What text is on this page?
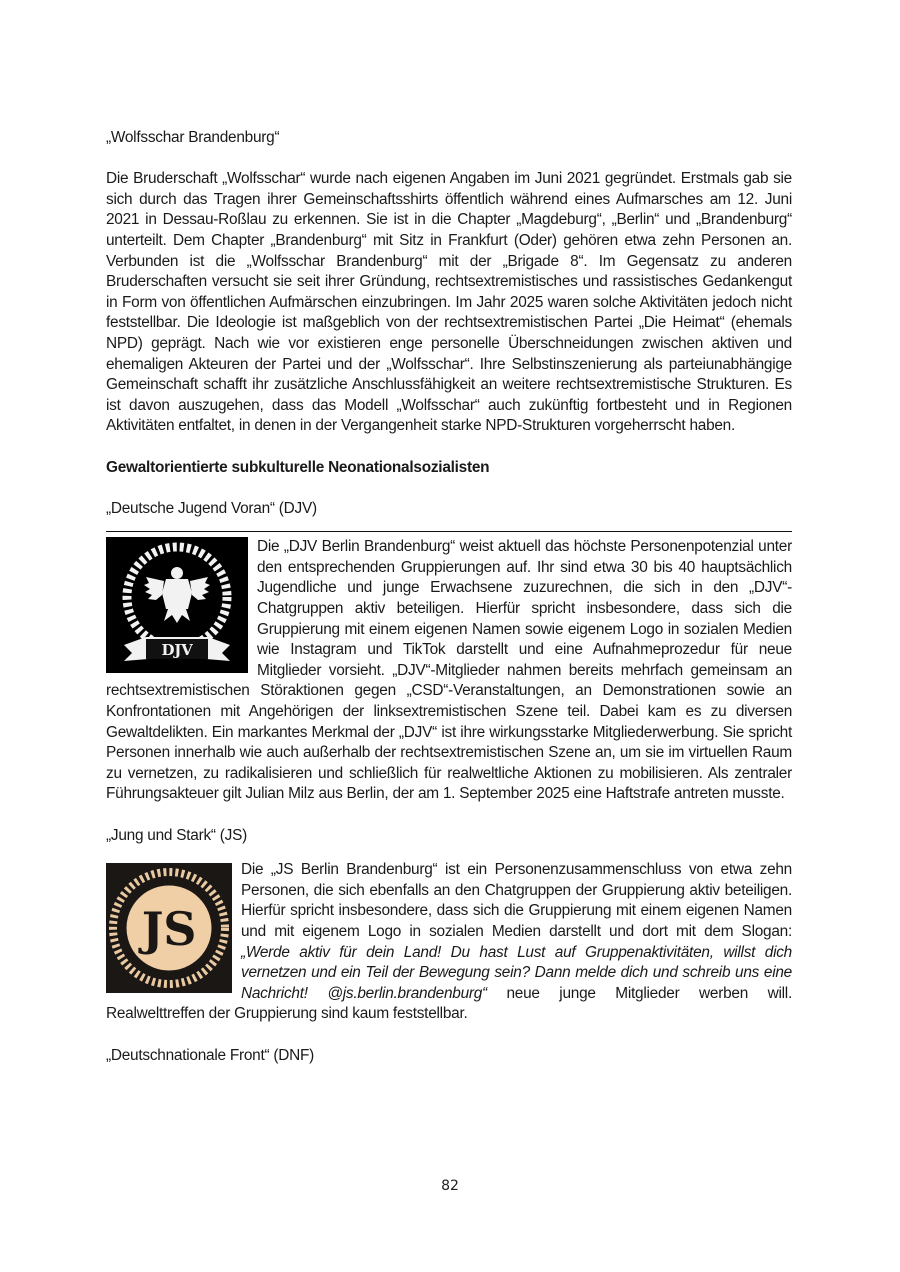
„Wolfsschar Brandenburg“

Die Bruderschaft „Wolfsschar“ wurde nach eigenen Angaben im Juni 2021 gegründet. Erstmals gab sie sich durch das Tragen ihrer Gemeinschaftsshirts öffentlich während eines Aufmarsches am 12. Juni 2021 in Dessau-Roßlau zu erkennen. Sie ist in die Chapter „Magdeburg“, „Berlin“ und „Brandenburg“ unterteilt. Dem Chapter „Brandenburg“ mit Sitz in Frankfurt (Oder) gehören etwa zehn Personen an. Verbunden ist die „Wolfsschar Brandenburg“ mit der „Brigade 8“. Im Gegensatz zu anderen Bruderschaften versucht sie seit ihrer Gründung, rechtsextremistisches und rassistisches Gedankengut in Form von öffentlichen Aufmärschen einzubringen. Im Jahr 2025 waren solche Aktivitäten jedoch nicht feststellbar. Die Ideologie ist maßgeblich von der rechtsextremistischen Partei „Die Heimat“ (ehemals NPD) geprägt. Nach wie vor existieren enge personelle Überschneidungen zwischen aktiven und ehemaligen Akteuren der Partei und der „Wolfsschar“. Ihre Selbstinszenierung als parteiunabhängige Gemeinschaft schafft ihr zusätzliche Anschlussfähigkeit an weitere rechtsextremistische Strukturen. Es ist davon auszugehen, dass das Modell „Wolfsschar“ auch zukünftig fortbesteht und in Regionen Aktivitäten entfaltet, in denen in der Vergangenheit starke NPD-Strukturen vorgeherrscht haben.

Gewaltorientierte subkulturelle Neonationalsozialisten

„Deutsche Jugend Voran“ (DJV)

DJV

Die „DJV Berlin Brandenburg“ weist aktuell das höchste Personenpotenzial unter den entsprechenden Gruppierungen auf. Ihr sind etwa 30 bis 40 hauptsächlich Jugendliche und junge Erwachsene zuzurechnen, die sich in den „DJV“-Chatgruppen aktiv beteiligen. Hierfür spricht insbesondere, dass sich die Gruppierung mit einem eigenen Namen sowie eigenem Logo in sozialen Medien wie Instagram und TikTok darstellt und eine Aufnahmeprozedur für neue Mitglieder vorsieht. „DJV“-Mitglieder nahmen bereits mehrfach gemeinsam an rechtsextremistischen Störaktionen gegen „CSD“-Veranstaltungen, an Demonstrationen sowie an Konfrontationen mit Angehörigen der linksextremistischen Szene teil. Dabei kam es zu diversen Gewaltdelikten. Ein markantes Merkmal der „DJV“ ist ihre wirkungsstarke Mitgliederwerbung. Sie spricht Personen innerhalb wie auch außerhalb der rechtsextremistischen Szene an, um sie im virtuellen Raum zu vernetzen, zu radikalisieren und schließlich für realweltliche Aktionen zu mobilisieren. Als zentraler Führungsakteuer gilt Julian Milz aus Berlin, der am 1. September 2025 eine Haftstrafe antreten musste.

„Jung und Stark“ (JS)

JS

Die „JS Berlin Brandenburg“ ist ein Personenzusammenschluss von etwa zehn Personen, die sich ebenfalls an den Chatgruppen der Gruppierung aktiv beteiligen. Hierfür spricht insbesondere, dass sich die Gruppierung mit einem eigenen Namen und mit eigenem Logo in sozialen Medien darstellt und dort mit dem Slogan: „Werde aktiv für dein Land! Du hast Lust auf Gruppenaktivitäten, willst dich vernetzen und ein Teil der Bewegung sein? Dann melde dich und schreib uns eine Nachricht! @js.berlin.brandenburg“ neue junge Mitglieder werben will. Realwelttreffen der Gruppierung sind kaum feststellbar.

„Deutschnationale Front“ (DNF)

82
